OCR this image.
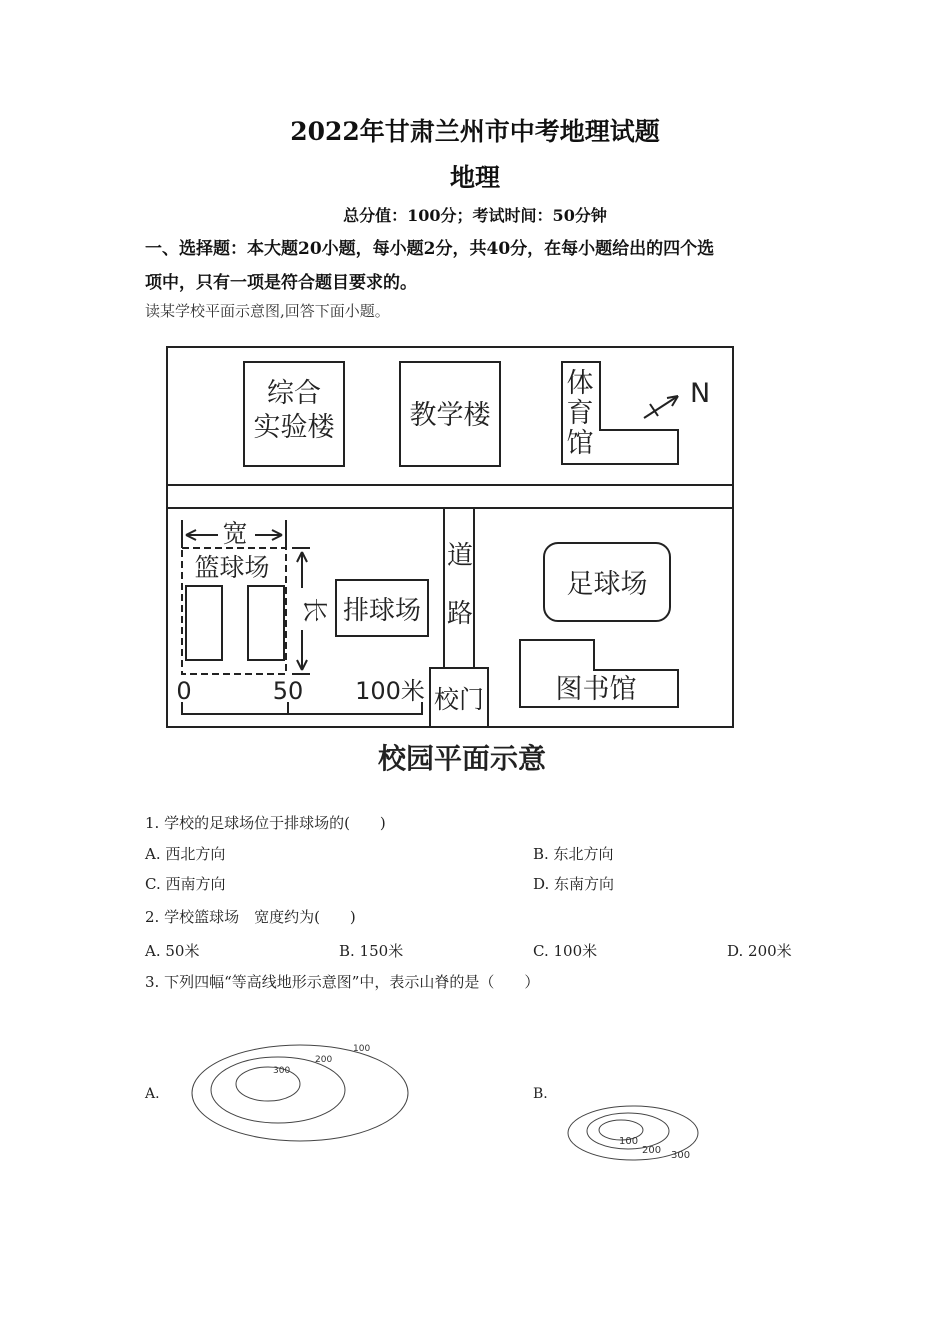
2022年甘肃兰州市中考地理试题
地理
总分值：100分；考试时间：50分钟
一、选择题：本大题20小题，每小题2分，共40分，在每小题给出的四个选
项中，只有一项是符合题目要求的。
读某学校平面示意图,回答下面小题。
综合
实验楼	教学楼
体
育
馆
N
宽
篮球场
长 排球场
道
路
足球场
校门	图书馆
0	50 100米
校园平面示意
1. 学校的足球场位于排球场的(　　)
A. 西北方向	B. 东北方向
C. 西南方向	D. 东南方向
2. 学校篮球场　宽度约为(　　)
A. 50米	B. 150米	C. 100米	D. 200米
3. 下列四幅“等高线地形示意图”中，表示山脊的是（　　）
A.	B.
100
200
300
100
200 300
